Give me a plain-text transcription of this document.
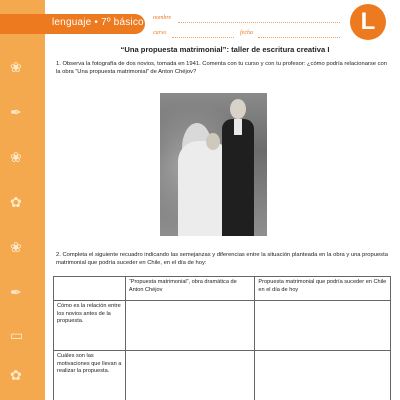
❀
✒
❀
✿
❀
✒
▭
✿
lenguaje • 7º básico nombre
curso	fecha	L
“Una propuesta matrimonial”: taller de escritura creativa I
1. Observa la fotografía de dos novios, tomada en 1941. Comenta con tu curso y con tu profesor: ¿cómo podría relacionarse con la obra “Una propuesta matrimonial” de Anton Chéjov?
2. Completa el siguiente recuadro indicando las semejanzas y diferencias entre la situación planteada en la obra y una propuesta matrimonial que podría suceder en Chile, en el día de hoy:
	“Propuesta matrimonial”, obra dramática de Anton Chéjov	Propuesta matrimonial que podría suceder en Chile en el día de hoy
Cómo es la relación entre los novios antes de la propuesta.		
Cuáles son las motivaciones que llevan a realizar la propuesta.		
